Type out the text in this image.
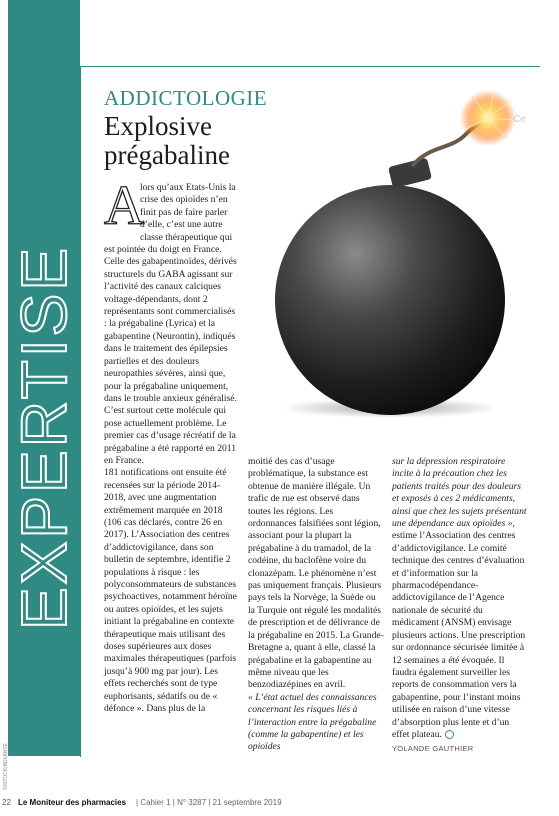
EXPERTISE
ADDICTOLOGIE
Explosive
prégabaline
A

lors qu’aux Etats-Unis la crise des opioïdes n’en finit pas de faire parler d’elle, c’est une autre classe thérapeutique qui est pointée du doigt en France. Celle des gabapentinoïdes, dérivés structurels du GABA agissant sur l’activité des canaux calciques voltage-dépendants, dont 2 représentants sont commercialisés : la prégabaline (Lyrica) et la gabapentine (Neurontin), indiqués dans le traitement des épilepsies partielles et des douleurs neuropathies sévères, ainsi que, pour la prégabaline uniquement, dans le trouble anxieux généralisé. C’est surtout cette molécule qui pose actuellement problème. Le premier cas d’usage récréatif de la prégabaline a été rapporté en 2011 en France.

181 notifications ont ensuite été recensées sur la période 2014-2018, avec une augmentation extrêmement marquée en 2018 (106 cas déclarés, contre 26 en 2017). L’Association des centres d’addictovigilance, dans son bulletin de septembre, identifie 2 populations à risque : les polyconsommateurs de substances psychoactives, notamment héroïne ou autres opioïdes, et les sujets initiant la prégabaline en contexte thérapeutique mais utilisant des doses supérieures aux doses maximales thérapeutiques (parfois jusqu’à 900 mg par jour). Les effets recherchés sont de type euphorisants, sédatifs ou de « défonce ». Dans plus de la

moitié des cas d’usage problématique, la substance est obtenue de manière illégale. Un trafic de rue est observé dans toutes les régions. Les ordonnances falsifiées sont légion, associant pour la plupart la prégabaline à du tramadol, de la codéine, du baclofène voire du clonazépam. Le phénomène n’est pas uniquement français. Plusieurs pays tels la Norvège, la Suède ou la Turquie ont régulé les modalités de prescription et de délivrance de la prégabaline en 2015. La Grande-Bretagne a, quant à elle, classé la prégabaline et la gabapentine au même niveau que les benzodiazépines en avril.

« L’état actuel des connaissances concernant les risques liés à l’interaction entre la prégabaline (comme la gabapentine) et les opioïdes

sur la dépression respiratoire incite à la précaution chez les patients traités pour des douleurs et exposés à ces 2 médicaments, ainsi que chez les sujets présentant une dépendance aux opioïdes »,

estime l’Association des centres d’addictovigilance. Le comité technique des centres d’évaluation et d’information sur la pharmacodépendance-addictovigilance de l’Agence nationale de sécurité du médicament (ANSM) envisage plusieurs actions. Une prescription sur ordonnance sécurisée limitée à 12 semaines a été évoquée. Il faudra également surveiller les reports de consommation vers la gabapentine, pour l’instant moins utilisée en raison d’une vitesse d’absorption plus lente et d’un effet plateau.

YOLANDE GAUTHIER
©ISTOCK/ADVANTE
Ce
22 Le Moniteur des pharmacies | Cahier 1 | N° 3287 | 21 septembre 2019
